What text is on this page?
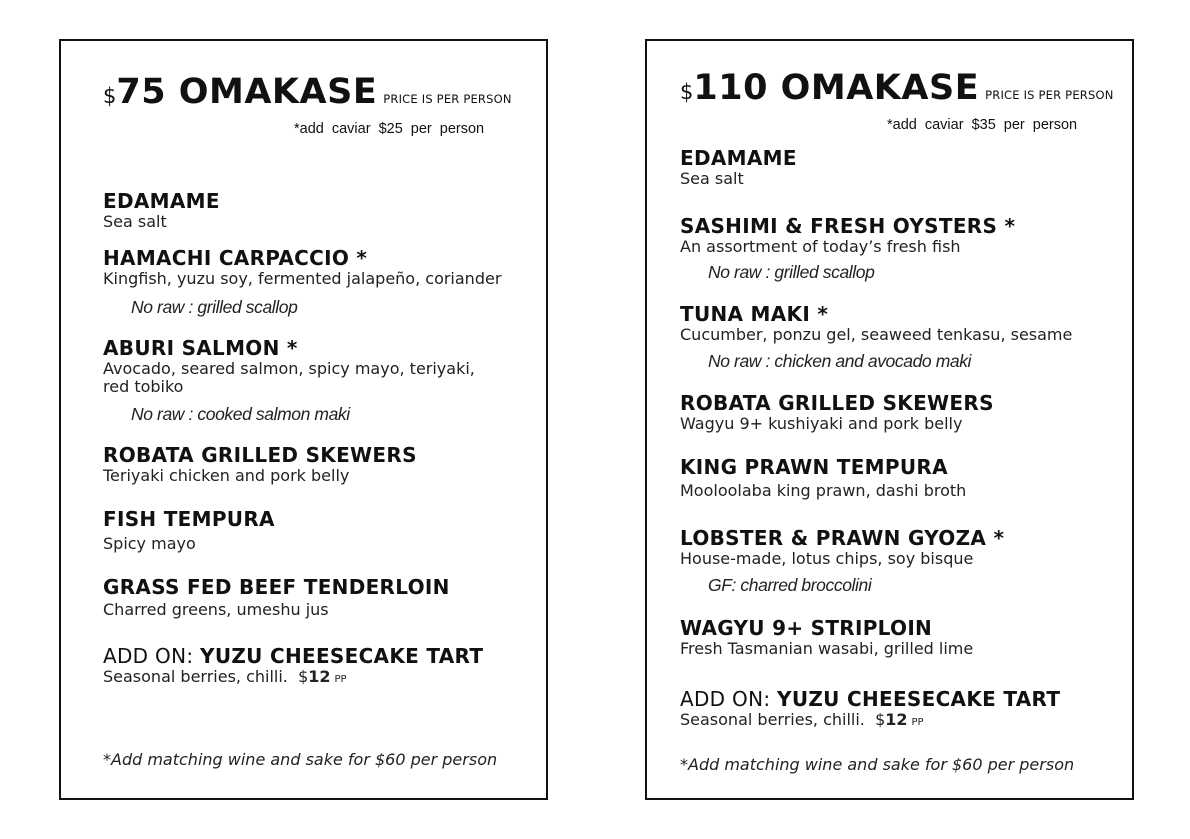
$75 OMAKASE PRICE IS PER PERSON
*add caviar $25 per person
EDAMAME
Sea salt
HAMACHI CARPACCIO *
Kingfish, yuzu soy, fermented jalapeño, coriander
No raw : grilled scallop
ABURI SALMON *
Avocado, seared salmon, spicy mayo, teriyaki,
red tobiko
No raw : cooked salmon maki
ROBATA GRILLED SKEWERS
Teriyaki chicken and pork belly
FISH TEMPURA
Spicy mayo
GRASS FED BEEF TENDERLOIN
Charred greens, umeshu jus
ADD ON: YUZU CHEESECAKE TART
Seasonal berries, chilli. $12 PP
*Add matching wine and sake for $60 per person
$110 OMAKASE PRICE IS PER PERSON
*add caviar $35 per person
EDAMAME
Sea salt
SASHIMI & FRESH OYSTERS *
An assortment of today’s fresh fish
No raw : grilled scallop
TUNA MAKI *
Cucumber, ponzu gel, seaweed tenkasu, sesame
No raw : chicken and avocado maki
ROBATA GRILLED SKEWERS
Wagyu 9+ kushiyaki and pork belly
KING PRAWN TEMPURA
Mooloolaba king prawn, dashi broth
LOBSTER & PRAWN GYOZA *
House-made, lotus chips, soy bisque
GF: charred broccolini
WAGYU 9+ STRIPLOIN
Fresh Tasmanian wasabi, grilled lime
ADD ON: YUZU CHEESECAKE TART
Seasonal berries, chilli. $12 PP
*Add matching wine and sake for $60 per person
